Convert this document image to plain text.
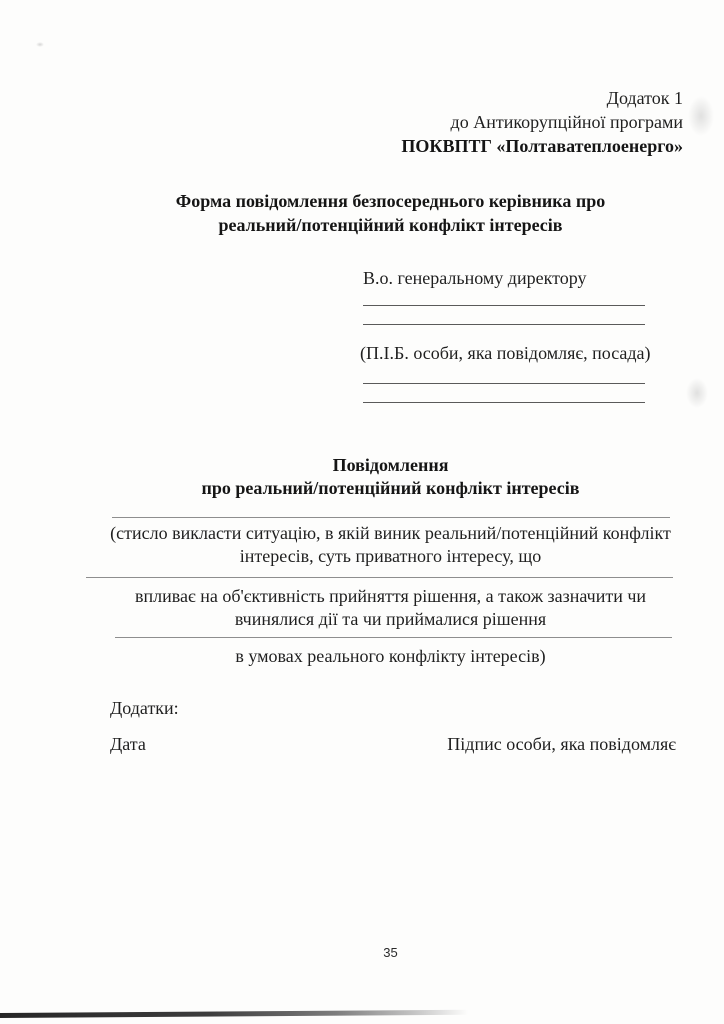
Додаток 1
до Антикорупційної програми
ПОКВПТГ «Полтаватеплоенерго»
Форма повідомлення безпосереднього керівника про
реальний/потенційний конфлікт інтересів
В.о. генеральному директору
(П.І.Б. особи, яка повідомляє, посада)
Повідомлення
про реальний/потенційний конфлікт інтересів
(стисло викласти ситуацію, в якій виник реальний/потенційний конфлікт
інтересів, суть приватного інтересу, що
впливає на об'єктивність прийняття рішення, а також зазначити чи
вчинялися дії та чи приймалися рішення
в умовах реального конфлікту інтересів)
Додатки:
Дата	Підпис особи, яка повідомляє
35
